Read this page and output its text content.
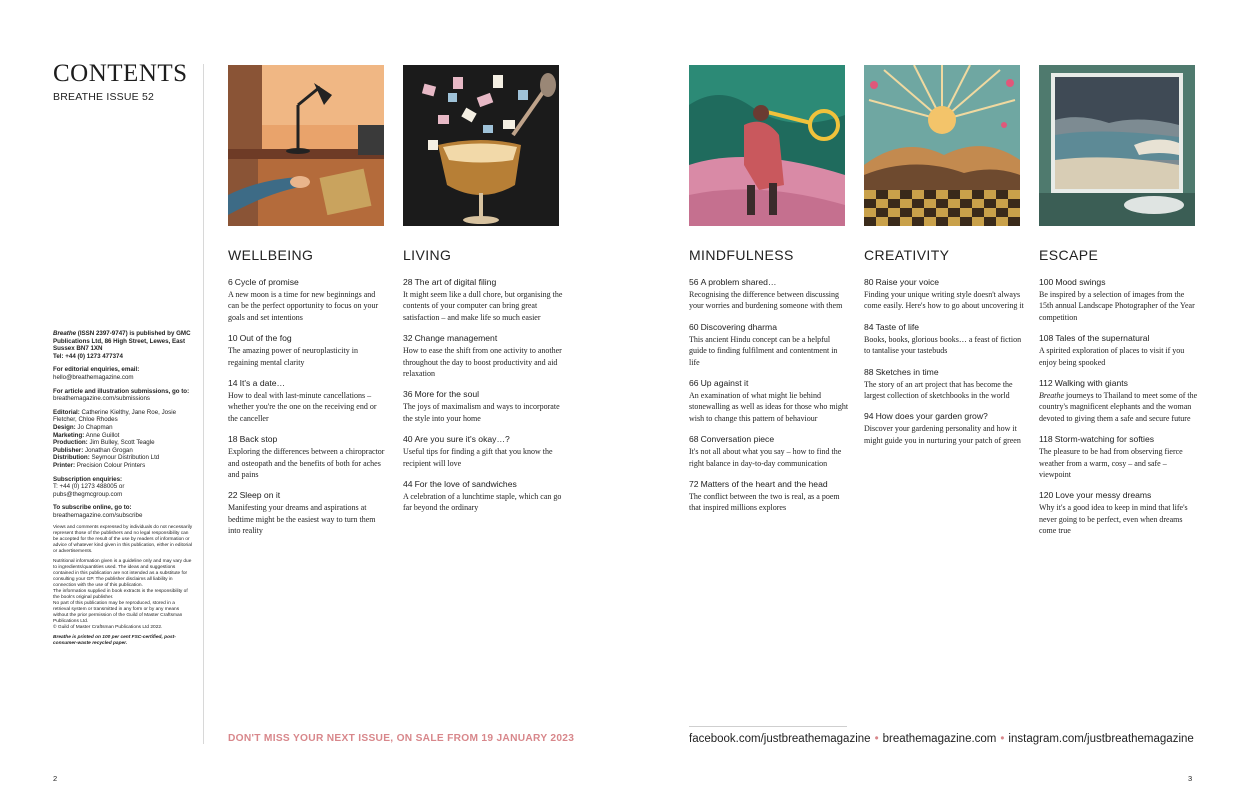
CONTENTS
BREATHE ISSUE 52

Breathe (ISSN 2397-9747) is published by GMC Publications Ltd, 86 High Street, Lewes, East Sussex BN7 1XN
Tel: +44 (0) 1273 477374

For editorial enquiries, email:
hello@breathemagazine.com

For article and illustration submissions, go to:
breathemagazine.com/submissions

Editorial: Catherine Kielthy, Jane Roe, Josie Fletcher, Chloe Rhodes
Design: Jo Chapman
Marketing: Anne Guillot
Production: Jim Bulley, Scott Teagle
Publisher: Jonathan Grogan
Distribution: Seymour Distribution Ltd
Printer: Precision Colour Printers

Subscription enquiries:
T: +44 (0) 1273 488005 or pubs@thegmcgroup.com

To subscribe online, go to:
breathemagazine.com/subscribe

Views and comments expressed by individuals do not necessarily represent those of the publishers and no legal responsibility can be accepted for the result of the use by readers of information or advice of whatever kind given in this publication, either in editorial or advertisements.

Nutritional information given is a guideline only and may vary due to ingredients/quantities used. The ideas and suggestions contained in this publication are not intended as a substitute for consulting your GP. The publisher disclaims all liability in connection with the use of this publication.

The information supplied in book extracts is the responsibility of the book's original publisher.

No part of this publication may be reproduced, stored in a retrieval system or transmitted in any form or by any means without the prior permission of the Guild of Master Craftsman Publications Ltd.

© Guild of Master Craftsman Publications Ltd 2022.

Breathe is printed on 100 per cent FSC-certified, post-consumer-waste recycled paper.

WELLBEING
6 Cycle of promise
A new moon is a time for new beginnings and can be the perfect opportunity to focus on your goals and set intentions
10 Out of the fog
The amazing power of neuroplasticity in regaining mental clarity
14 It's a date…
How to deal with last-minute cancellations – whether you're the one on the receiving end or the canceller
18 Back stop
Exploring the differences between a chiropractor and osteopath and the benefits of both for aches and pains
22 Sleep on it
Manifesting your dreams and aspirations at bedtime might be the easiest way to turn them into reality
LIVING
28 The art of digital filing
It might seem like a dull chore, but organising the contents of your computer can bring great satisfaction – and make life so much easier
32 Change management
How to ease the shift from one activity to another throughout the day to boost productivity and aid relaxation
36 More for the soul
The joys of maximalism and ways to incorporate the style into your home
40 Are you sure it's okay…?
Useful tips for finding a gift that you know the recipient will love
44 For the love of sandwiches
A celebration of a lunchtime staple, which can go far beyond the ordinary
MINDFULNESS
56 A problem shared…
Recognising the difference between discussing your worries and burdening someone with them
60 Discovering dharma
This ancient Hindu concept can be a helpful guide to finding fulfilment and contentment in life
66 Up against it
An examination of what might lie behind stonewalling as well as ideas for those who might wish to change this pattern of behaviour
68 Conversation piece
It's not all about what you say – how to find the right balance in day-to-day communication
72 Matters of the heart and the head
The conflict between the two is real, as a poem that inspired millions explores
CREATIVITY
80 Raise your voice
Finding your unique writing style doesn't always come easily. Here's how to go about uncovering it
84 Taste of life
Books, books, glorious books… a feast of fiction to tantalise your tastebuds
88 Sketches in time
The story of an art project that has become the largest collection of sketchbooks in the world
94 How does your garden grow?
Discover your gardening personality and how it might guide you in nurturing your patch of green
ESCAPE
100 Mood swings
Be inspired by a selection of images from the 15th annual Landscape Photographer of the Year competition
108 Tales of the supernatural
A spirited exploration of places to visit if you enjoy being spooked
112 Walking with giants
Breathe journeys to Thailand to meet some of the country's magnificent elephants and the woman devoted to giving them a safe and secure future
118 Storm-watching for softies
The pleasure to be had from observing fierce weather from a warm, cosy – and safe – viewpoint
120 Love your messy dreams
Why it's a good idea to keep in mind that life's never going to be perfect, even when dreams come true
DON'T MISS YOUR NEXT ISSUE, ON SALE FROM 19 JANUARY 2023	facebook.com/justbreathemagazine • breathemagazine.com • instagram.com/justbreathemagazine
2	3
